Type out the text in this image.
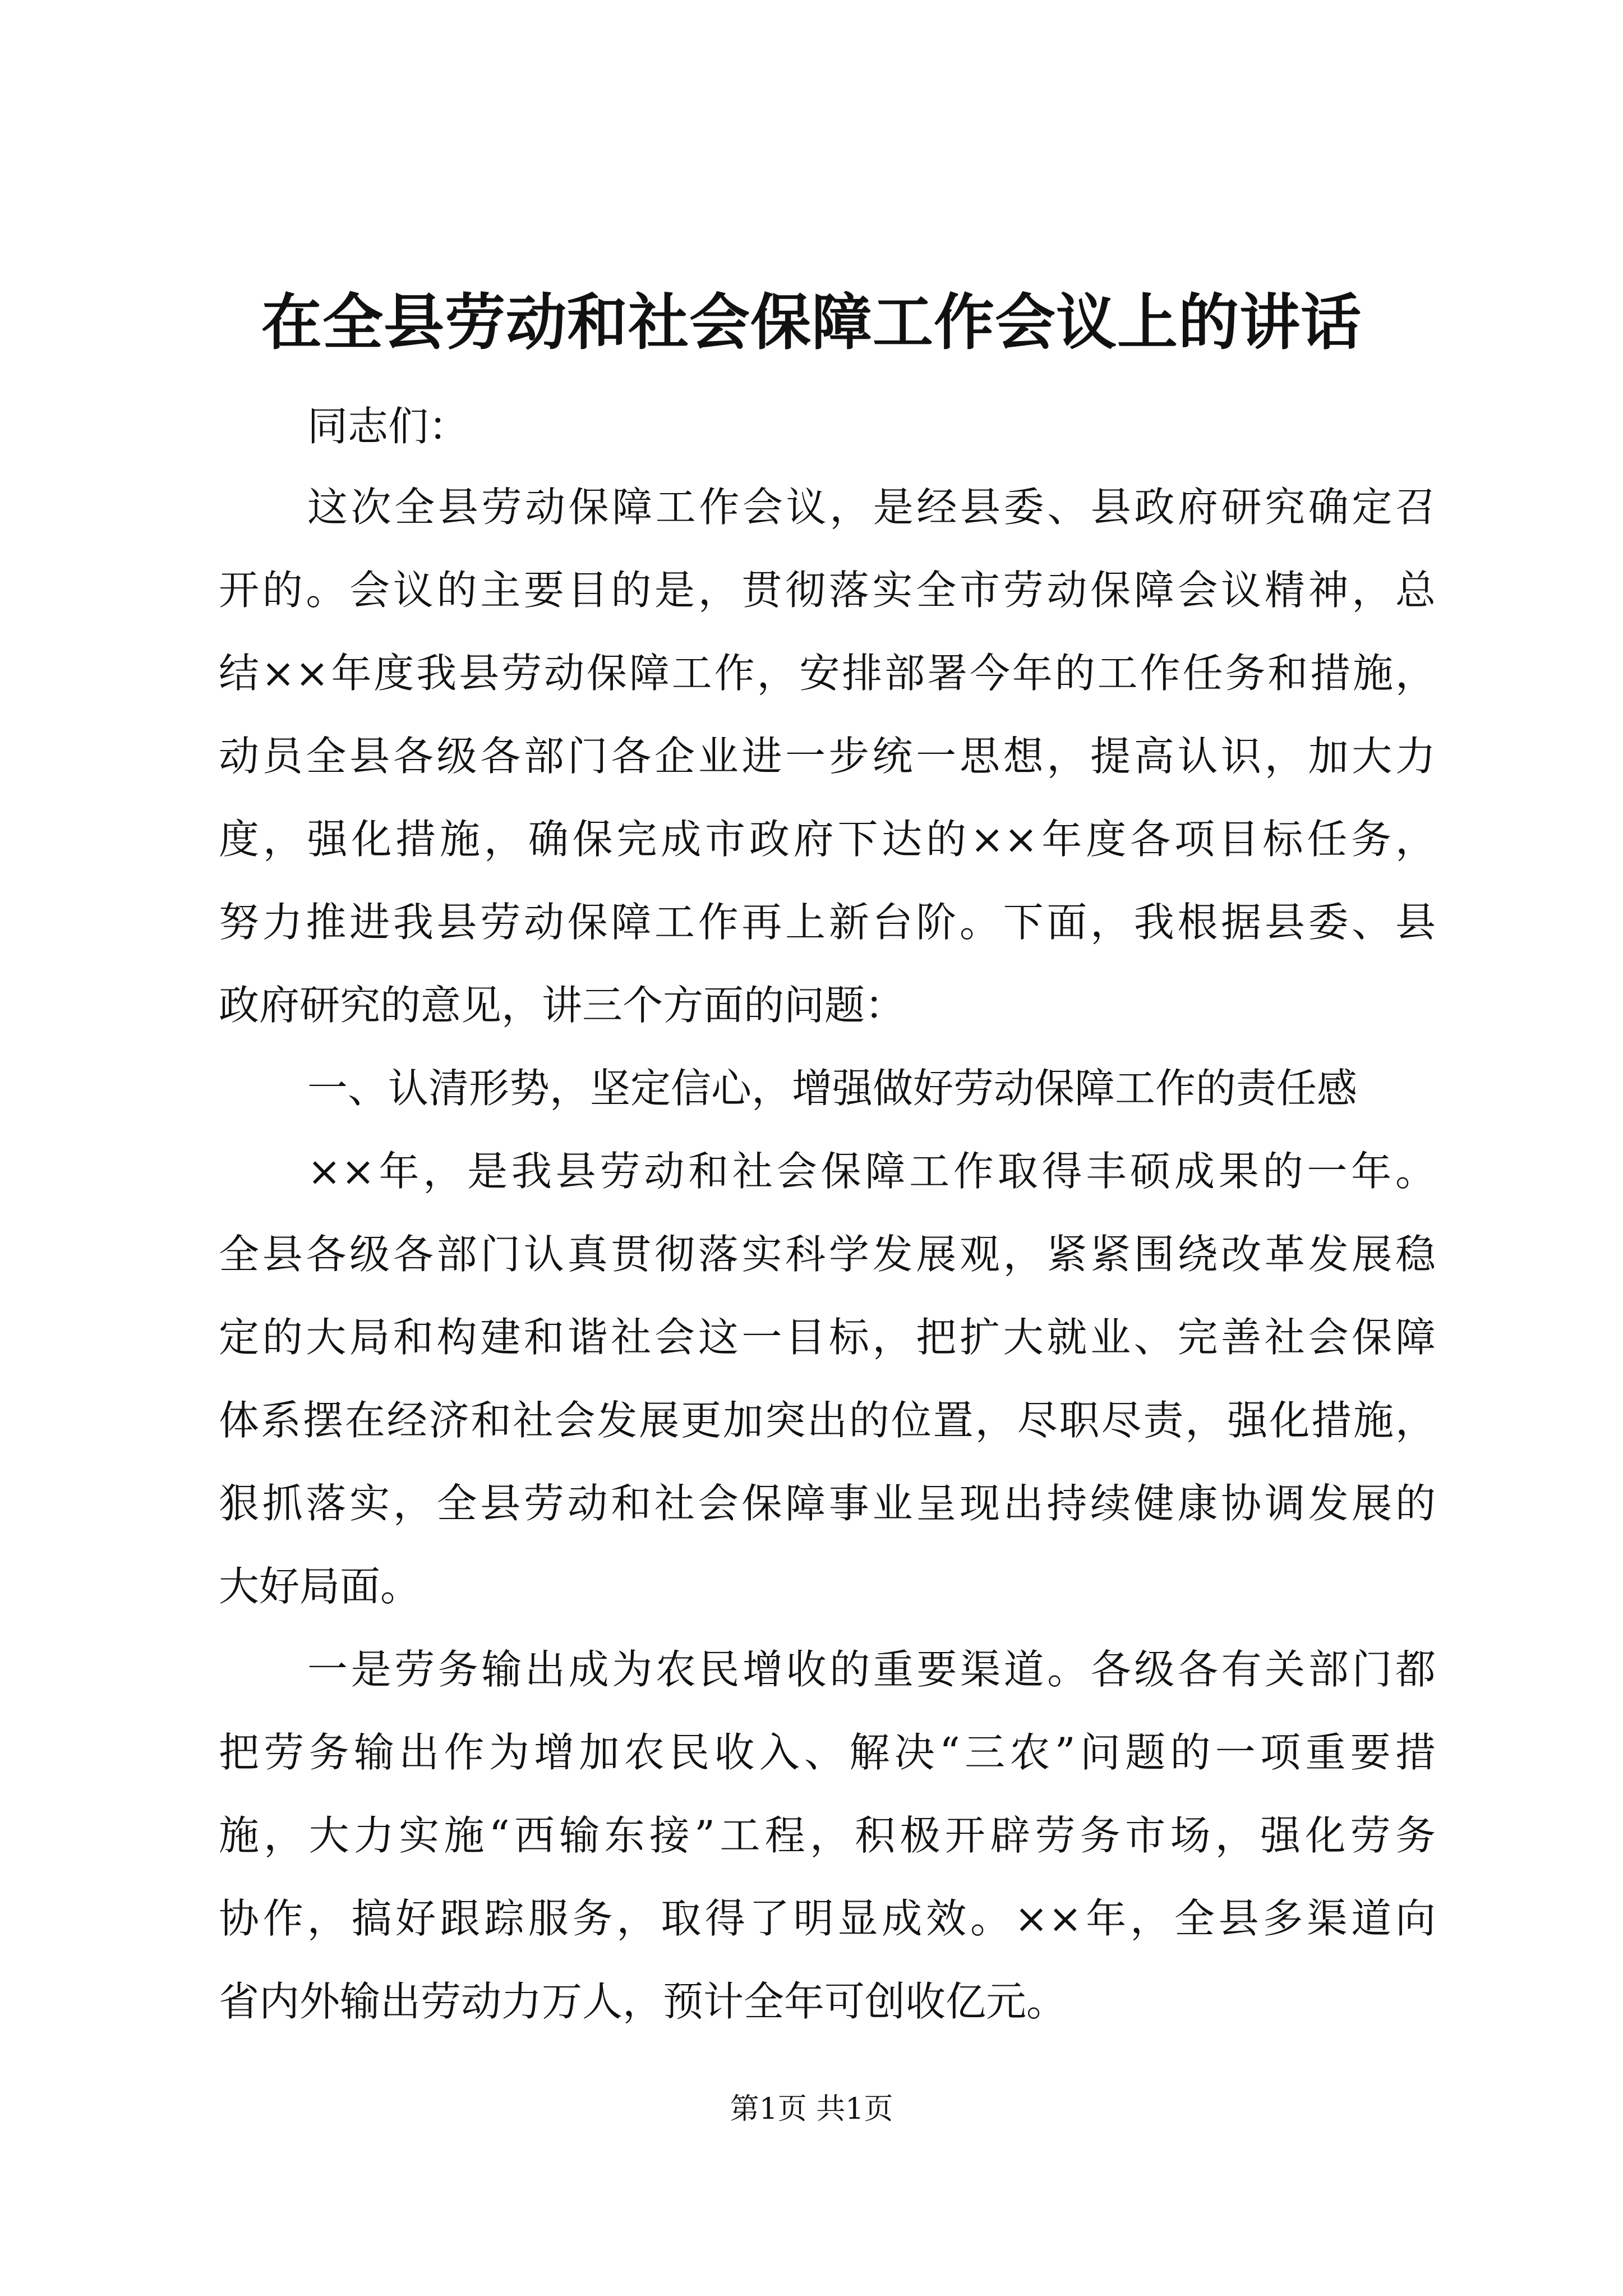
在全县劳动和社会保障工作会议上的讲话
同志们：
这次全县劳动保障工作会议，是经县委、县政府研究确定召
开的。会议的主要目的是，贯彻落实全市劳动保障会议精神，总
结××年度我县劳动保障工作，安排部署今年的工作任务和措施，
动员全县各级各部门各企业进一步统一思想，提高认识，加大力
度，强化措施，确保完成市政府下达的××年度各项目标任务，
努力推进我县劳动保障工作再上新台阶。下面，我根据县委、县
政府研究的意见，讲三个方面的问题：
一、认清形势，坚定信心，增强做好劳动保障工作的责任感
××年，是我县劳动和社会保障工作取得丰硕成果的一年。
全县各级各部门认真贯彻落实科学发展观，紧紧围绕改革发展稳
定的大局和构建和谐社会这一目标，把扩大就业、完善社会保障
体系摆在经济和社会发展更加突出的位置，尽职尽责，强化措施，
狠抓落实，全县劳动和社会保障事业呈现出持续健康协调发展的
大好局面。
一是劳务输出成为农民增收的重要渠道。各级各有关部门都
把劳务输出作为增加农民收入、解决“三农”问题的一项重要措
施，大力实施“西输东接”工程，积极开辟劳务市场，强化劳务
协作，搞好跟踪服务，取得了明显成效。××年，全县多渠道向
省内外输出劳动力万人，预计全年可创收亿元。
第1页 共1页
